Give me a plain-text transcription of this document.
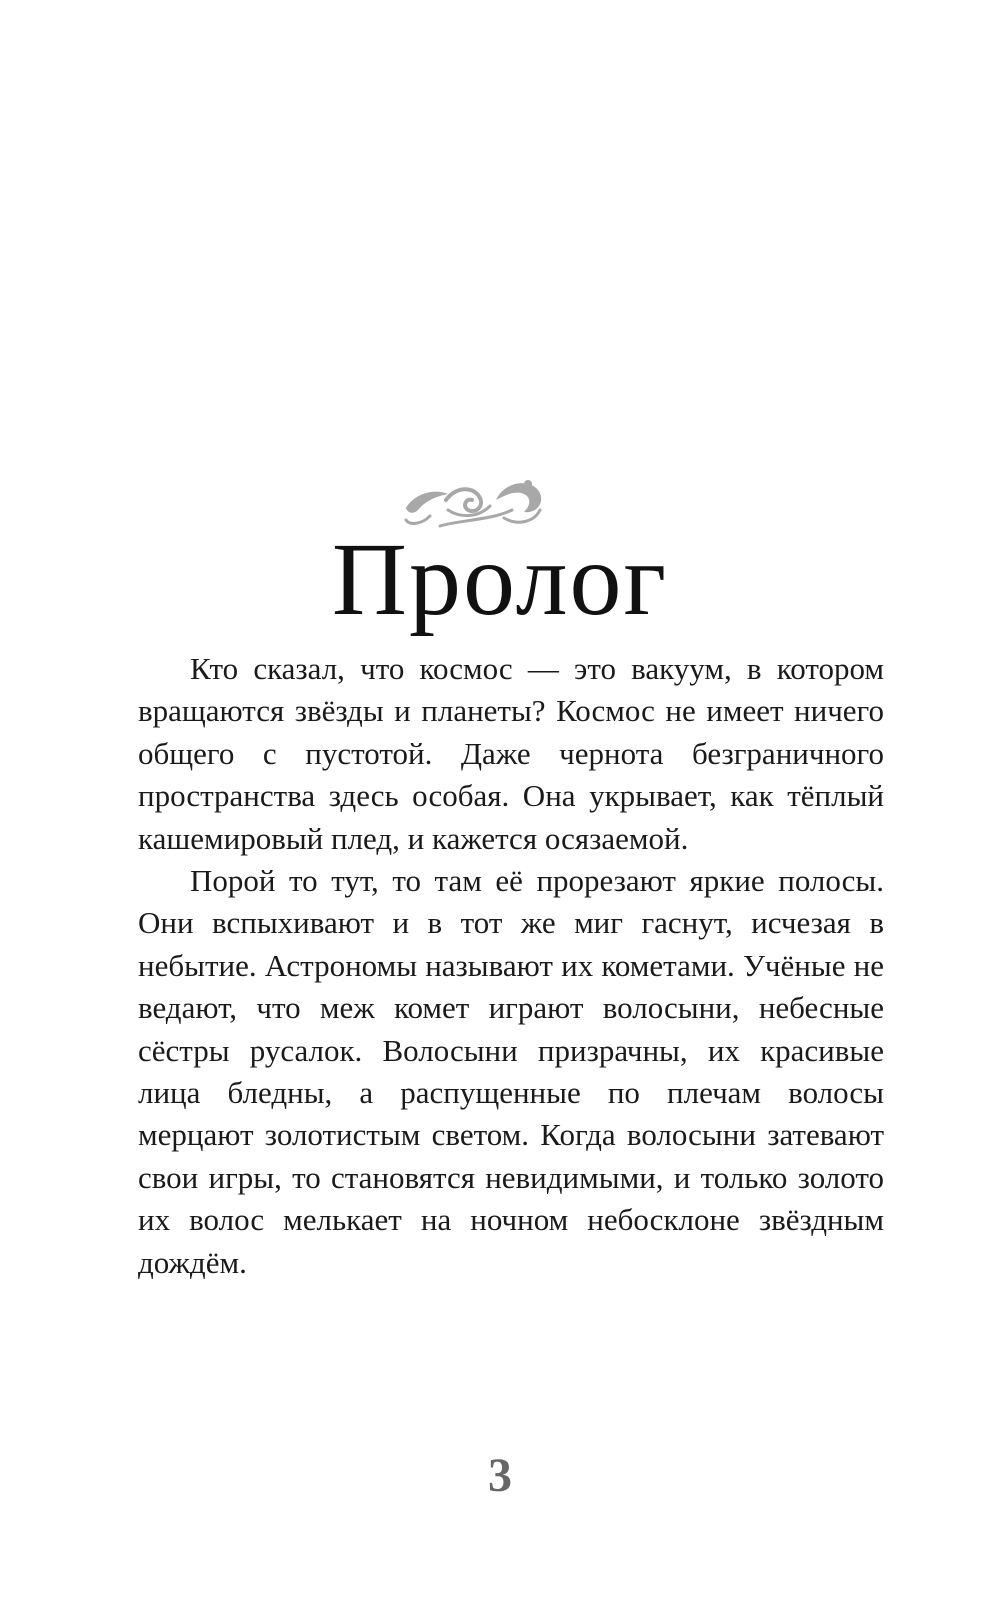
Пролог

Кто сказал, что космос — это вакуум, в котором вращаются звёзды и планеты? Космос не имеет ничего общего с пустотой. Даже чернота безграничного пространства здесь особая. Она укрывает, как тёплый кашемировый плед, и кажется осязаемой.

Порой то тут, то там её прорезают яркие полосы. Они вспыхивают и в тот же миг гаснут, исчезая в небытие. Астрономы называют их кометами. Учёные не ведают, что меж комет играют волосыни, небесные сёстры русалок. Волосыни призрачны, их красивые лица бледны, а распущенные по плечам волосы мерцают золотистым светом. Когда волосыни затевают свои игры, то становятся невидимыми, и только золото их волос мелькает на ночном небосклоне звёздным дождём.

3
